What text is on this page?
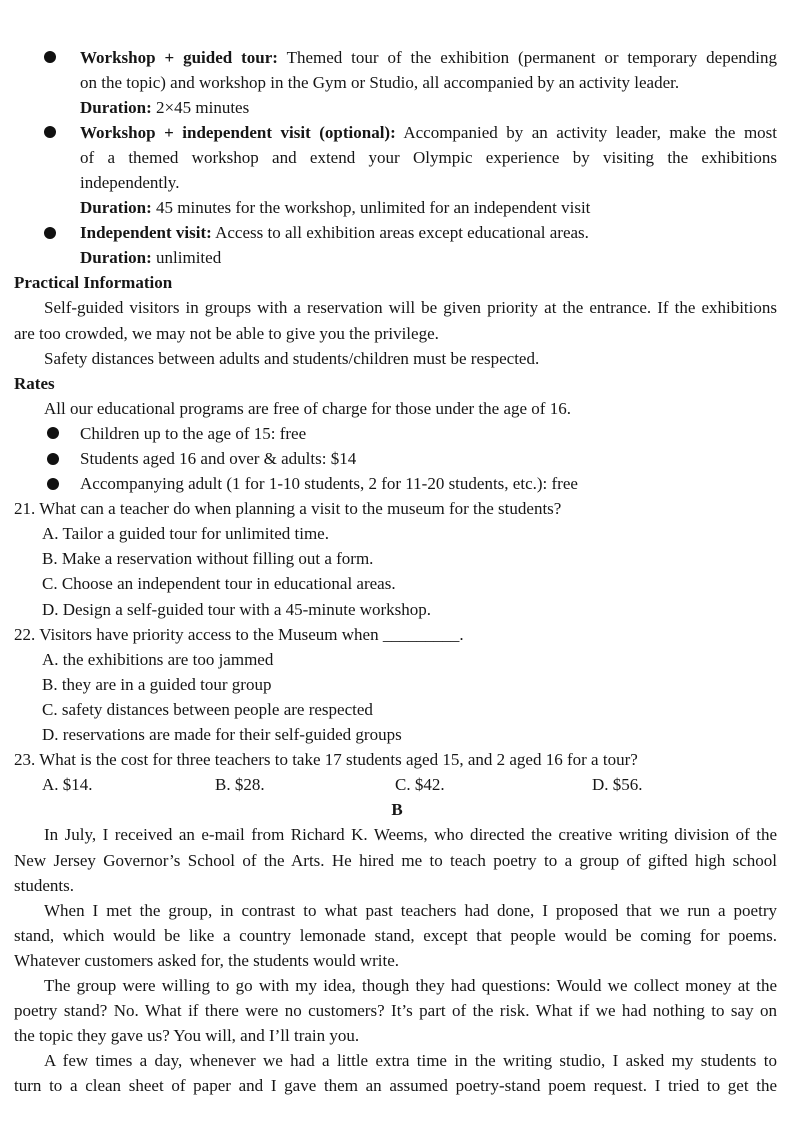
Workshop + guided tour: Themed tour of the exhibition (permanent or temporary depending
on the topic) and workshop in the Gym or Studio, all accompanied by an activity leader.
Duration: 2×45 minutes
Workshop + independent visit (optional): Accompanied by an activity leader, make the most
of a themed workshop and extend your Olympic experience by visiting the exhibitions
independently.
Duration: 45 minutes for the workshop, unlimited for an independent visit
Independent visit: Access to all exhibition areas except educational areas.
Duration: unlimited
Practical Information
Self-guided visitors in groups with a reservation will be given priority at the entrance. If the exhibitions
are too crowded, we may not be able to give you the privilege.
Safety distances between adults and students/children must be respected.
Rates
All our educational programs are free of charge for those under the age of 16.
Children up to the age of 15: free
Students aged 16 and over & adults: $14
Accompanying adult (1 for 1-10 students, 2 for 11-20 students, etc.): free
21. What can a teacher do when planning a visit to the museum for the students?
A. Tailor a guided tour for unlimited time.
B. Make a reservation without filling out a form.
C. Choose an independent tour in educational areas.
D. Design a self-guided tour with a 45-minute workshop.
22. Visitors have priority access to the Museum when _________.
A. the exhibitions are too jammed
B. they are in a guided tour group
C. safety distances between people are respected
D. reservations are made for their self-guided groups
23. What is the cost for three teachers to take 17 students aged 15, and 2 aged 16 for a tour?
A. $14.	B. $28.	C. $42.	D. $56.
B
In July, I received an e-mail from Richard K. Weems, who directed the creative writing division of the
New Jersey Governor’s School of the Arts. He hired me to teach poetry to a group of gifted high school
students.
When I met the group, in contrast to what past teachers had done, I proposed that we run a poetry
stand, which would be like a country lemonade stand, except that people would be coming for poems.
Whatever customers asked for, the students would write.
The group were willing to go with my idea, though they had questions: Would we collect money at the
poetry stand? No. What if there were no customers? It’s part of the risk. What if we had nothing to say on
the topic they gave us? You will, and I’ll train you.
A few times a day, whenever we had a little extra time in the writing studio, I asked my students to
turn to a clean sheet of paper and I gave them an assumed poetry-stand poem request. I tried to get the
